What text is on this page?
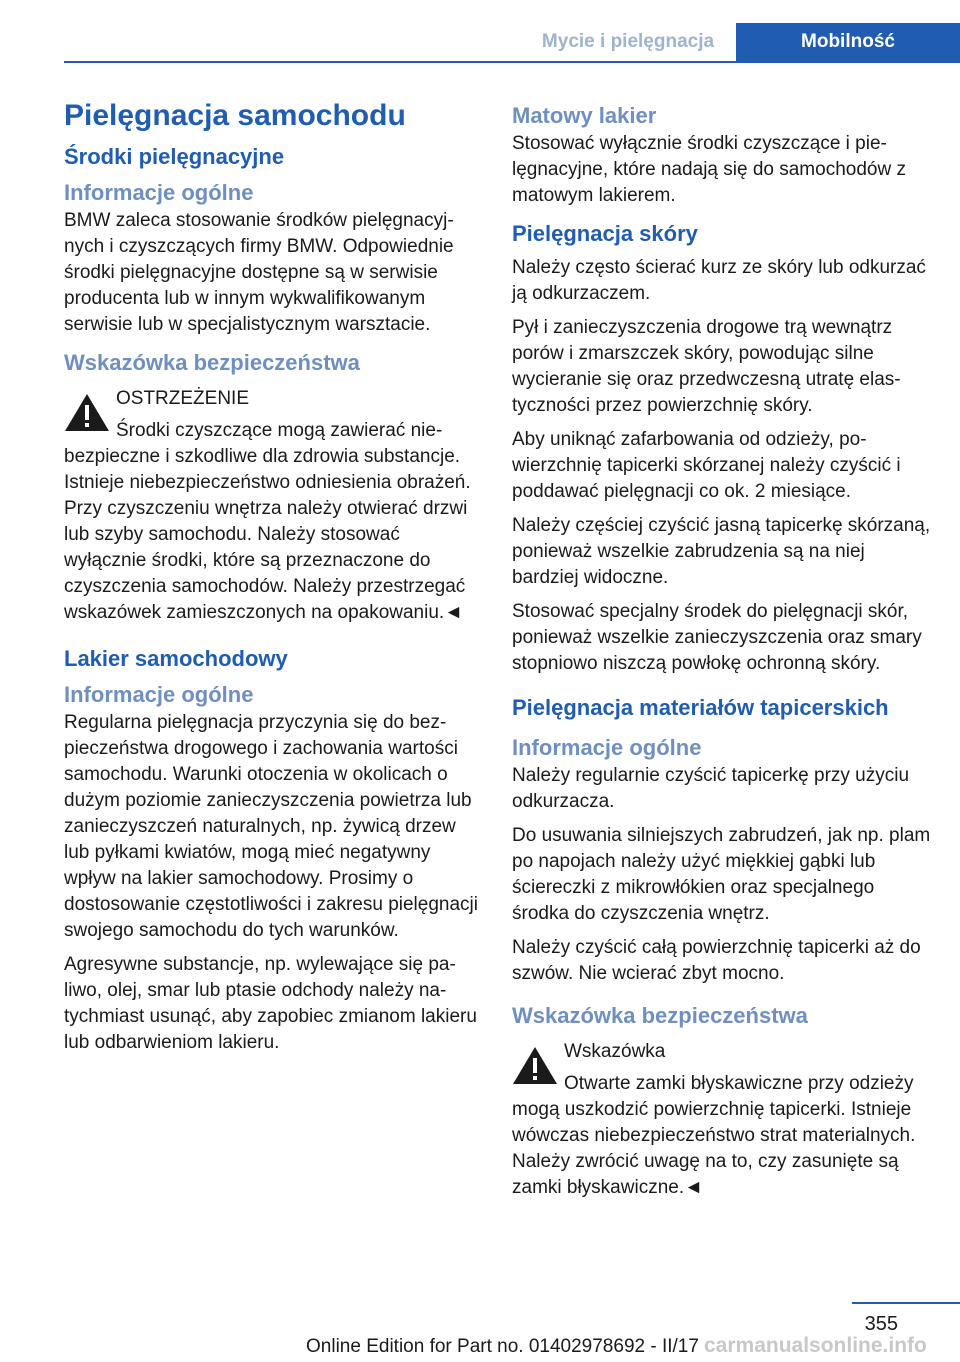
Mycie i pielęgnacja	Mobilność
Pielęgnacja samochodu
Środki pielęgnacyjne
Informacje ogólne

BMW zaleca stosowanie środków pielęgnacyjnych i czyszczących firmy BMW. Odpowiednie środki pielęgnacyjne dostępne są w serwisie producenta lub w innym wykwalifikowanym serwisie lub w specjalistycznym warsztacie.

Wskazówka bezpieczeństwa

OSTRZEŻENIE

Środki czyszczące mogą zawierać niebezpieczne i szkodliwe dla zdrowia substancje. Istnieje niebezpieczeństwo odniesienia obrażeń. Przy czyszczeniu wnętrza należy otwierać drzwi lub szyby samochodu. Należy stosować wyłącznie środki, które są przeznaczone do czyszczenia samochodów. Należy przestrzegać wskazówek zamieszczonych na opakowaniu.◄

Lakier samochodowy
Informacje ogólne

Regularna pielęgnacja przyczynia się do bezpieczeństwa drogowego i zachowania wartości samochodu. Warunki otoczenia w okolicach o dużym poziomie zanieczyszczenia powietrza lub zanieczyszczeń naturalnych, np. żywicą drzew lub pyłkami kwiatów, mogą mieć negatywny wpływ na lakier samochodowy. Prosimy o dostosowanie częstotliwości i zakresu pielęgnacji swojego samochodu do tych warunków.

Agresywne substancje, np. wylewające się paliwo, olej, smar lub ptasie odchody należy natychmiast usunąć, aby zapobiec zmianom lakieru lub odbarwieniom lakieru.

Matowy lakier

Stosować wyłącznie środki czyszczące i pielęgnacyjne, które nadają się do samochodów z matowym lakierem.

Pielęgnacja skóry

Należy często ścierać kurz ze skóry lub odkurzać ją odkurzaczem.

Pył i zanieczyszczenia drogowe trą wewnątrz porów i zmarszczek skóry, powodując silne wycieranie się oraz przedwczesną utratę elastyczności przez powierzchnię skóry.

Aby uniknąć zafarbowania od odzieży, powierzchnię tapicerki skórzanej należy czyścić i poddawać pielęgnacji co ok. 2 miesiące.

Należy częściej czyścić jasną tapicerkę skórzaną, ponieważ wszelkie zabrudzenia są na niej bardziej widoczne.

Stosować specjalny środek do pielęgnacji skór, ponieważ wszelkie zanieczyszczenia oraz smary stopniowo niszczą powłokę ochronną skóry.

Pielęgnacja materiałów tapicerskich
Informacje ogólne

Należy regularnie czyścić tapicerkę przy użyciu odkurzacza.

Do usuwania silniejszych zabrudzeń, jak np. plam po napojach należy użyć miękkiej gąbki lub ściereczki z mikrowłókien oraz specjalnego środka do czyszczenia wnętrz.

Należy czyścić całą powierzchnię tapicerki aż do szwów. Nie wcierać zbyt mocno.

Wskazówka bezpieczeństwa

Wskazówka

Otwarte zamki błyskawiczne przy odzieży mogą uszkodzić powierzchnię tapicerki. Istnieje wówczas niebezpieczeństwo strat materialnych. Należy zwrócić uwagę na to, czy zasunięte są zamki błyskawiczne.◄

355
Online Edition for Part no. 01402978692 - II/17 carmanualsonline.info
